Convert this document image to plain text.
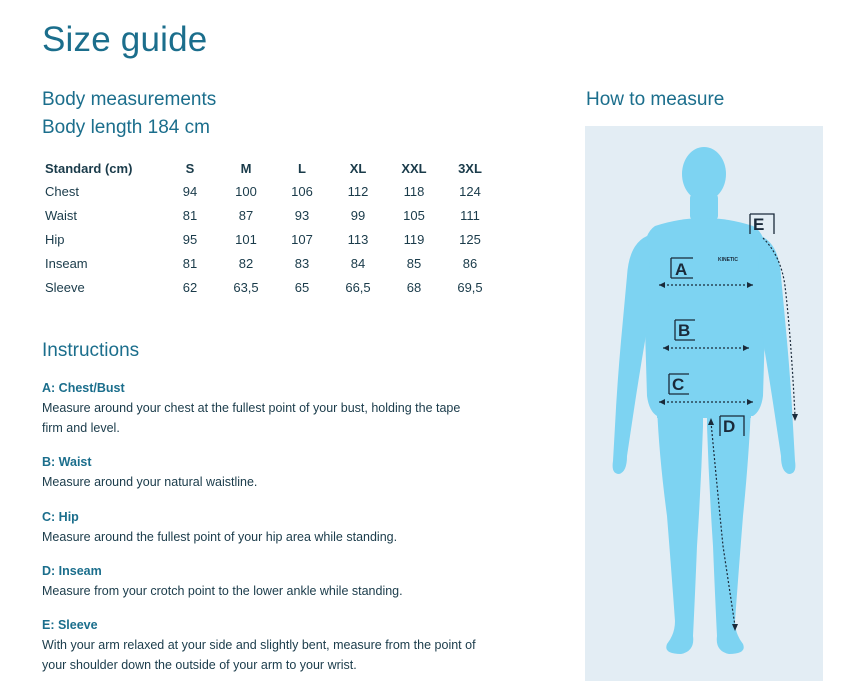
Size guide
Body measurements
Body length 184 cm
Standard (cm)	S	M	L	XL	XXL	3XL
Chest	94	100	106	112	118	124
Waist	81	87	93	99	105	111
Hip	95	101	107	113	119	125
Inseam	81	82	83	84	85	86
Sleeve	62	63,5	65	66,5	68	69,5
Instructions
A: Chest/Bust
Measure around your chest at the fullest point of your bust, holding the tape firm and level.
B: Waist
Measure around your natural waistline.
C: Hip
Measure around the fullest point of your hip area while standing.
D: Inseam
Measure from your crotch point to the lower ankle while standing.
E: Sleeve
With your arm relaxed at your side and slightly bent, measure from the point of your shoulder down the outside of your arm to your wrist.
How to measure
A
B
C
D
E
KINETIC
